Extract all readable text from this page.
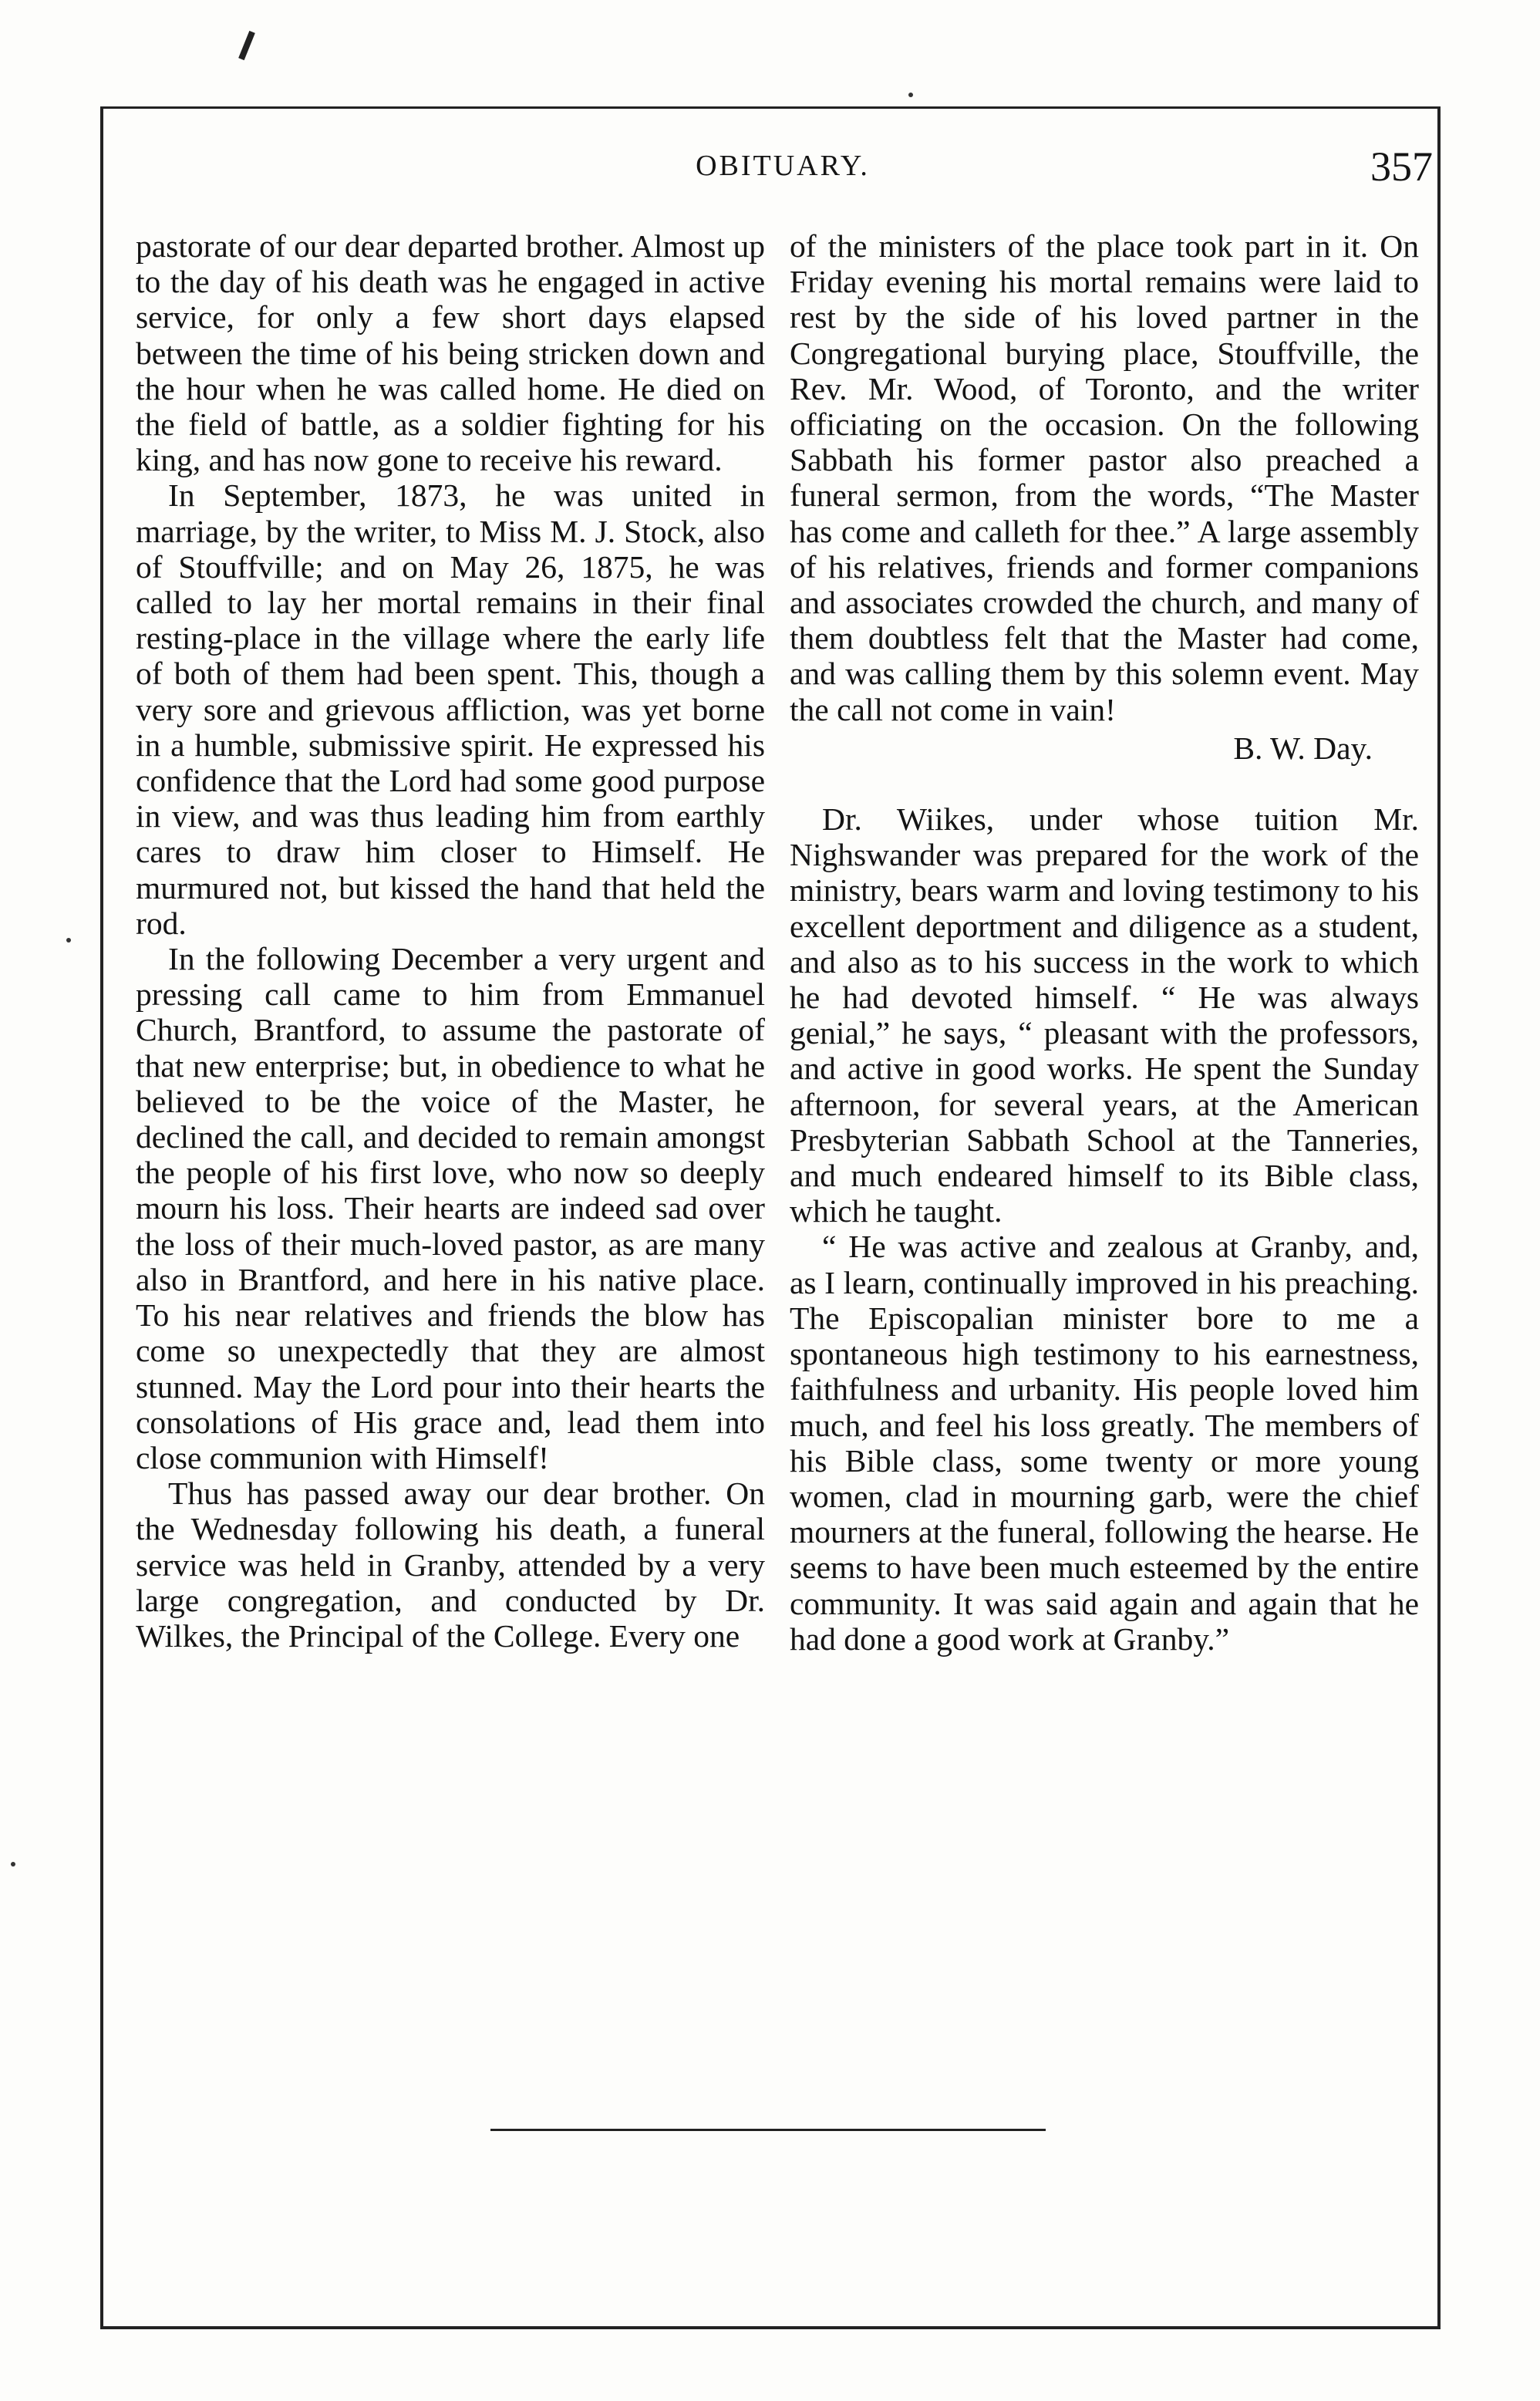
OBITUARY.	357

pastorate of our dear departed brother. Almost up to the day of his death was he engaged in active service, for only a few short days elapsed between the time of his being stricken down and the hour when he was called home. He died on the field of battle, as a soldier fighting for his king, and has now gone to receive his reward.

In September, 1873, he was united in marriage, by the writer, to Miss M. J. Stock, also of Stouffville; and on May 26, 1875, he was called to lay her mortal remains in their final resting-place in the village where the early life of both of them had been spent. This, though a very sore and grievous affliction, was yet borne in a humble, submissive spirit. He expressed his confidence that the Lord had some good purpose in view, and was thus leading him from earthly cares to draw him closer to Himself. He murmured not, but kissed the hand that held the rod.

In the following December a very urgent and pressing call came to him from Emmanuel Church, Brantford, to assume the pastorate of that new enterprise; but, in obedience to what he believed to be the voice of the Master, he declined the call, and decided to remain amongst the people of his first love, who now so deeply mourn his loss. Their hearts are indeed sad over the loss of their much-loved pastor, as are many also in Brantford, and here in his native place. To his near relatives and friends the blow has come so unexpectedly that they are almost stunned. May the Lord pour into their hearts the consolations of His grace and, lead them into close communion with Himself!

Thus has passed away our dear brother. On the Wednesday following his death, a funeral service was held in Granby, attended by a very large congregation, and conducted by Dr. Wilkes, the Principal of the College. Every one

of the ministers of the place took part in it. On Friday evening his mortal remains were laid to rest by the side of his loved partner in the Congregational burying place, Stouffville, the Rev. Mr. Wood, of Toronto, and the writer officiating on the occasion. On the following Sabbath his former pastor also preached a funeral sermon, from the words, “The Master has come and calleth for thee.” A large assembly of his relatives, friends and former companions and associates crowded the church, and many of them doubtless felt that the Master had come, and was calling them by this solemn event. May the call not come in vain!

B. W. Day.

Dr. Wiikes, under whose tuition Mr. Nighswander was prepared for the work of the ministry, bears warm and loving testimony to his excellent deportment and diligence as a student, and also as to his success in the work to which he had devoted himself. “ He was always genial,” he says, “ pleasant with the professors, and active in good works. He spent the Sunday afternoon, for several years, at the American Presbyterian Sabbath School at the Tanneries, and much endeared himself to its Bible class, which he taught.

“ He was active and zealous at Granby, and, as I learn, continually improved in his preaching. The Episcopalian minister bore to me a spontaneous high testimony to his earnestness, faithfulness and urbanity. His people loved him much, and feel his loss greatly. The members of his Bible class, some twenty or more young women, clad in mourning garb, were the chief mourners at the funeral, following the hearse. He seems to have been much esteemed by the entire community. It was said again and again that he had done a good work at Granby.”
